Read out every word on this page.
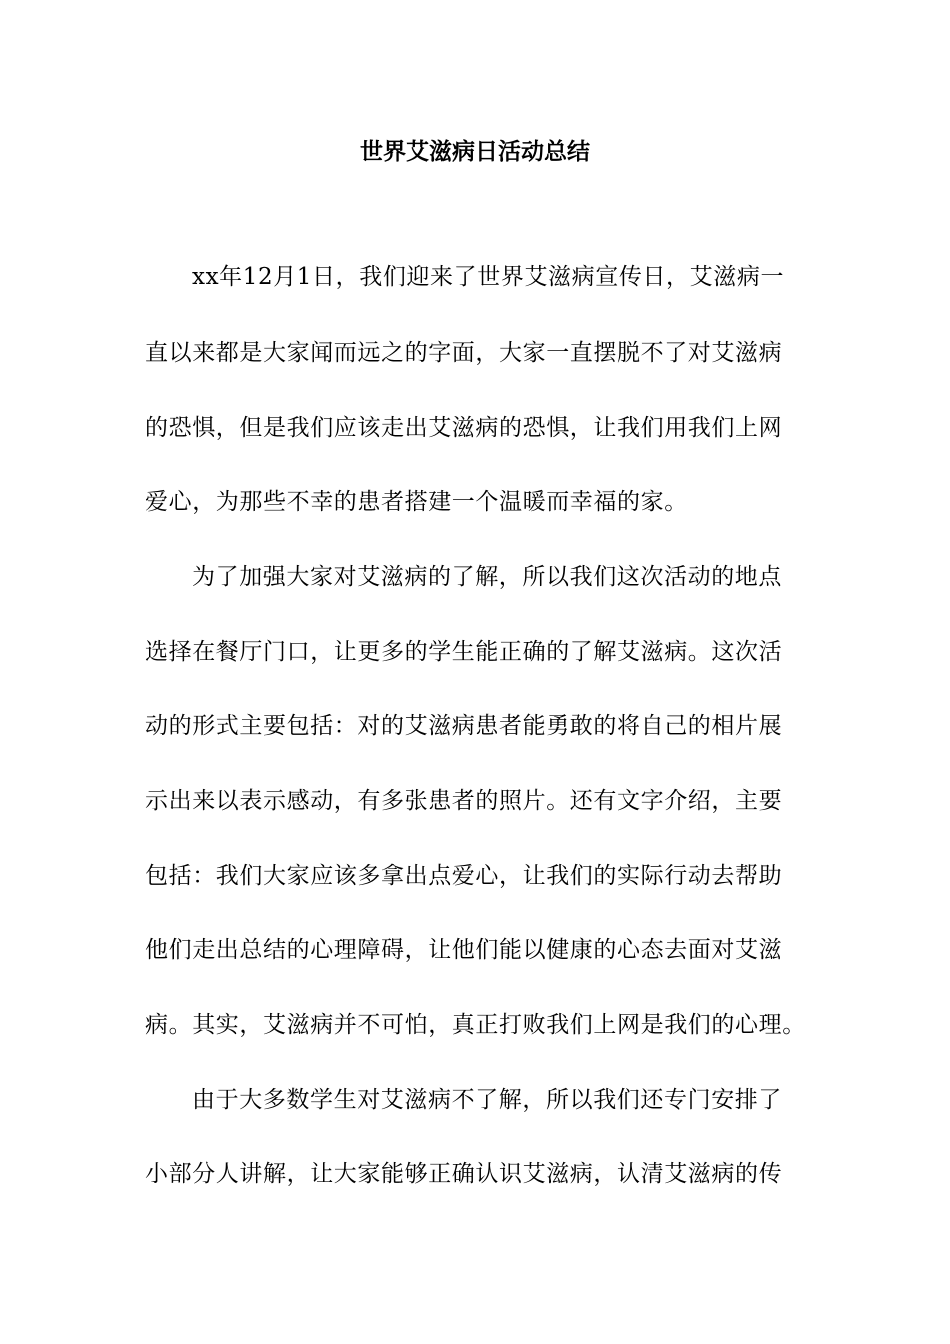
世界艾滋病日活动总结
xx年12月1日，我们迎来了世界艾滋病宣传日，艾滋病一
直以来都是大家闻而远之的字面，大家一直摆脱不了对艾滋病
的恐惧，但是我们应该走出艾滋病的恐惧，让我们用我们上网
爱心，为那些不幸的患者搭建一个温暖而幸福的家。
为了加强大家对艾滋病的了解，所以我们这次活动的地点
选择在餐厅门口，让更多的学生能正确的了解艾滋病。这次活
动的形式主要包括：对的艾滋病患者能勇敢的将自己的相片展
示出来以表示感动，有多张患者的照片。还有文字介绍，主要
包括：我们大家应该多拿出点爱心，让我们的实际行动去帮助
他们走出总结的心理障碍，让他们能以健康的心态去面对艾滋
病。其实，艾滋病并不可怕，真正打败我们上网是我们的心理。
由于大多数学生对艾滋病不了解，所以我们还专门安排了
小部分人讲解，让大家能够正确认识艾滋病，认清艾滋病的传
